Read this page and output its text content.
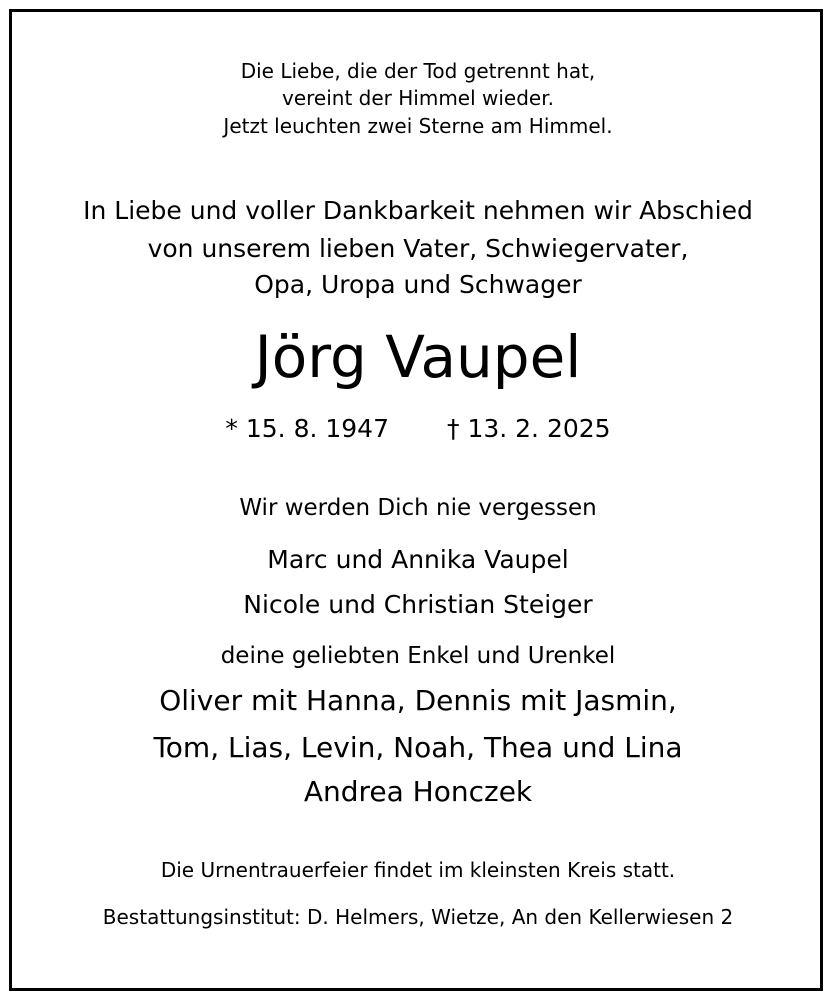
Die Liebe, die der Tod getrennt hat,
vereint der Himmel wieder.
Jetzt leuchten zwei Sterne am Himmel.
In Liebe und voller Dankbarkeit nehmen wir Abschied
von unserem lieben Vater, Schwiegervater,
Opa, Uropa und Schwager
Jörg Vaupel
* 15. 8. 1947 † 13. 2. 2025
Wir werden Dich nie vergessen
Marc und Annika Vaupel
Nicole und Christian Steiger
deine geliebten Enkel und Urenkel
Oliver mit Hanna, Dennis mit Jasmin,
Tom, Lias, Levin, Noah, Thea und Lina
Andrea Honczek
Die Urnentrauerfeier findet im kleinsten Kreis statt.
Bestattungsinstitut: D. Helmers, Wietze, An den Kellerwiesen 2
